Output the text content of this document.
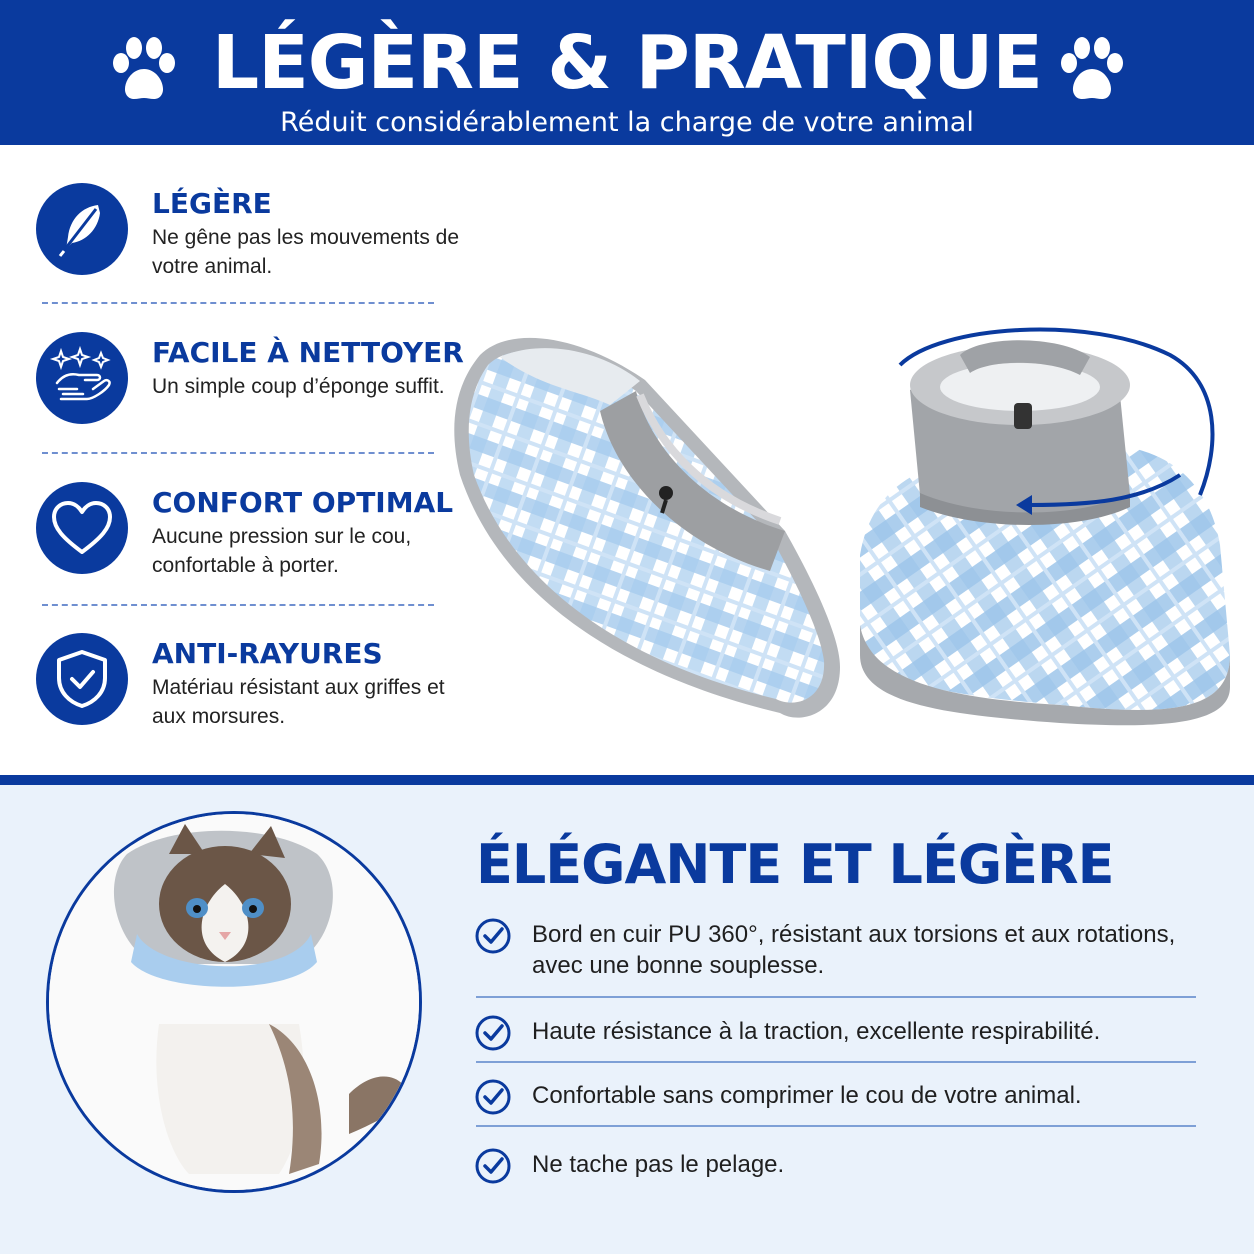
LÉGÈRE & PRATIQUE
Réduit considérablement la charge de votre animal
LÉGÈRE
Ne gêne pas les mouvements de votre animal.
FACILE À NETTOYER
Un simple coup d’éponge suffit.
CONFORT OPTIMAL
Aucune pression sur le cou, confortable à porter.
ANTI-RAYURES
Matériau résistant aux griffes et aux morsures.
ÉLÉGANTE ET LÉGÈRE
Bord en cuir PU 360°, résistant aux torsions et aux rotations, avec une bonne souplesse.
Haute résistance à la traction, excellente respirabilité.
Confortable sans comprimer le cou de votre animal.
Ne tache pas le pelage.
